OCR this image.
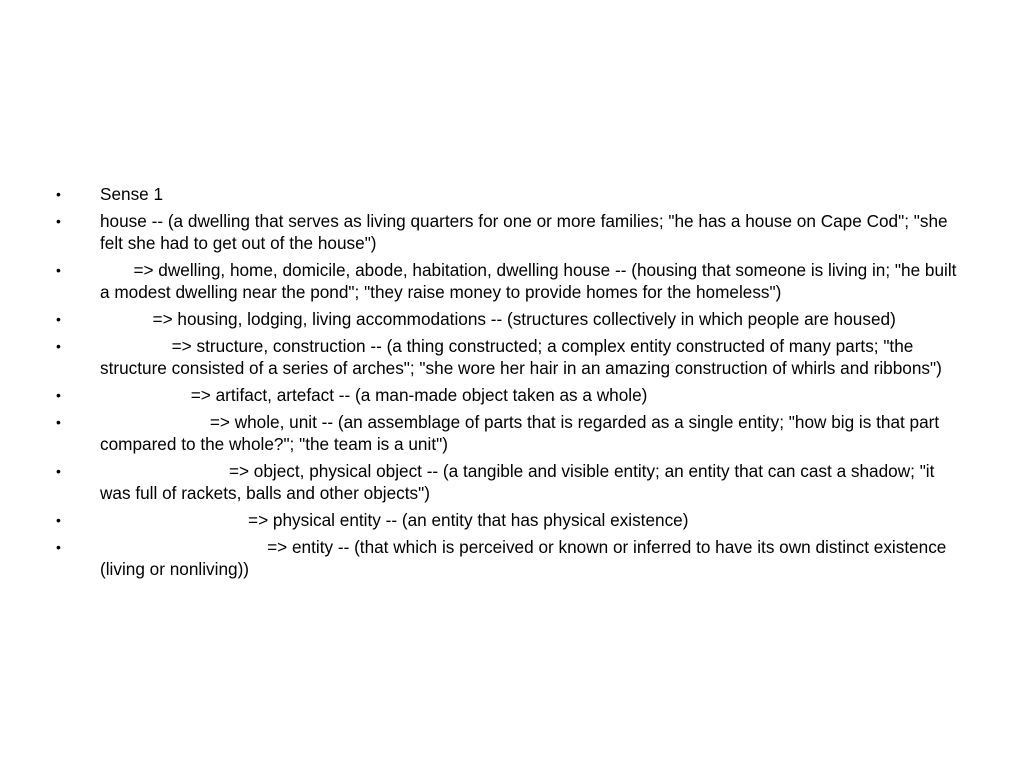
•	Sense 1
•	house -- (a dwelling that serves as living quarters for one or more families; "he has a house on Cape Cod"; "she felt she had to get out of the house")
•	=> dwelling, home, domicile, abode, habitation, dwelling house -- (housing that someone is living in; "he built a modest dwelling near the pond"; "they raise money to provide homes for the homeless")
•	=> housing, lodging, living accommodations -- (structures collectively in which people are housed)
•	=> structure, construction -- (a thing constructed; a complex entity constructed of many parts; "the structure consisted of a series of arches"; "she wore her hair in an amazing construction of whirls and ribbons")
•	=> artifact, artefact -- (a man-made object taken as a whole)
•	=> whole, unit -- (an assemblage of parts that is regarded as a single entity; "how big is that part compared to the whole?"; "the team is a unit")
•	=> object, physical object -- (a tangible and visible entity; an entity that can cast a shadow; "it was full of rackets, balls and other objects")
•	=> physical entity -- (an entity that has physical existence)
•	=> entity -- (that which is perceived or known or inferred to have its own distinct existence (living or nonliving))
